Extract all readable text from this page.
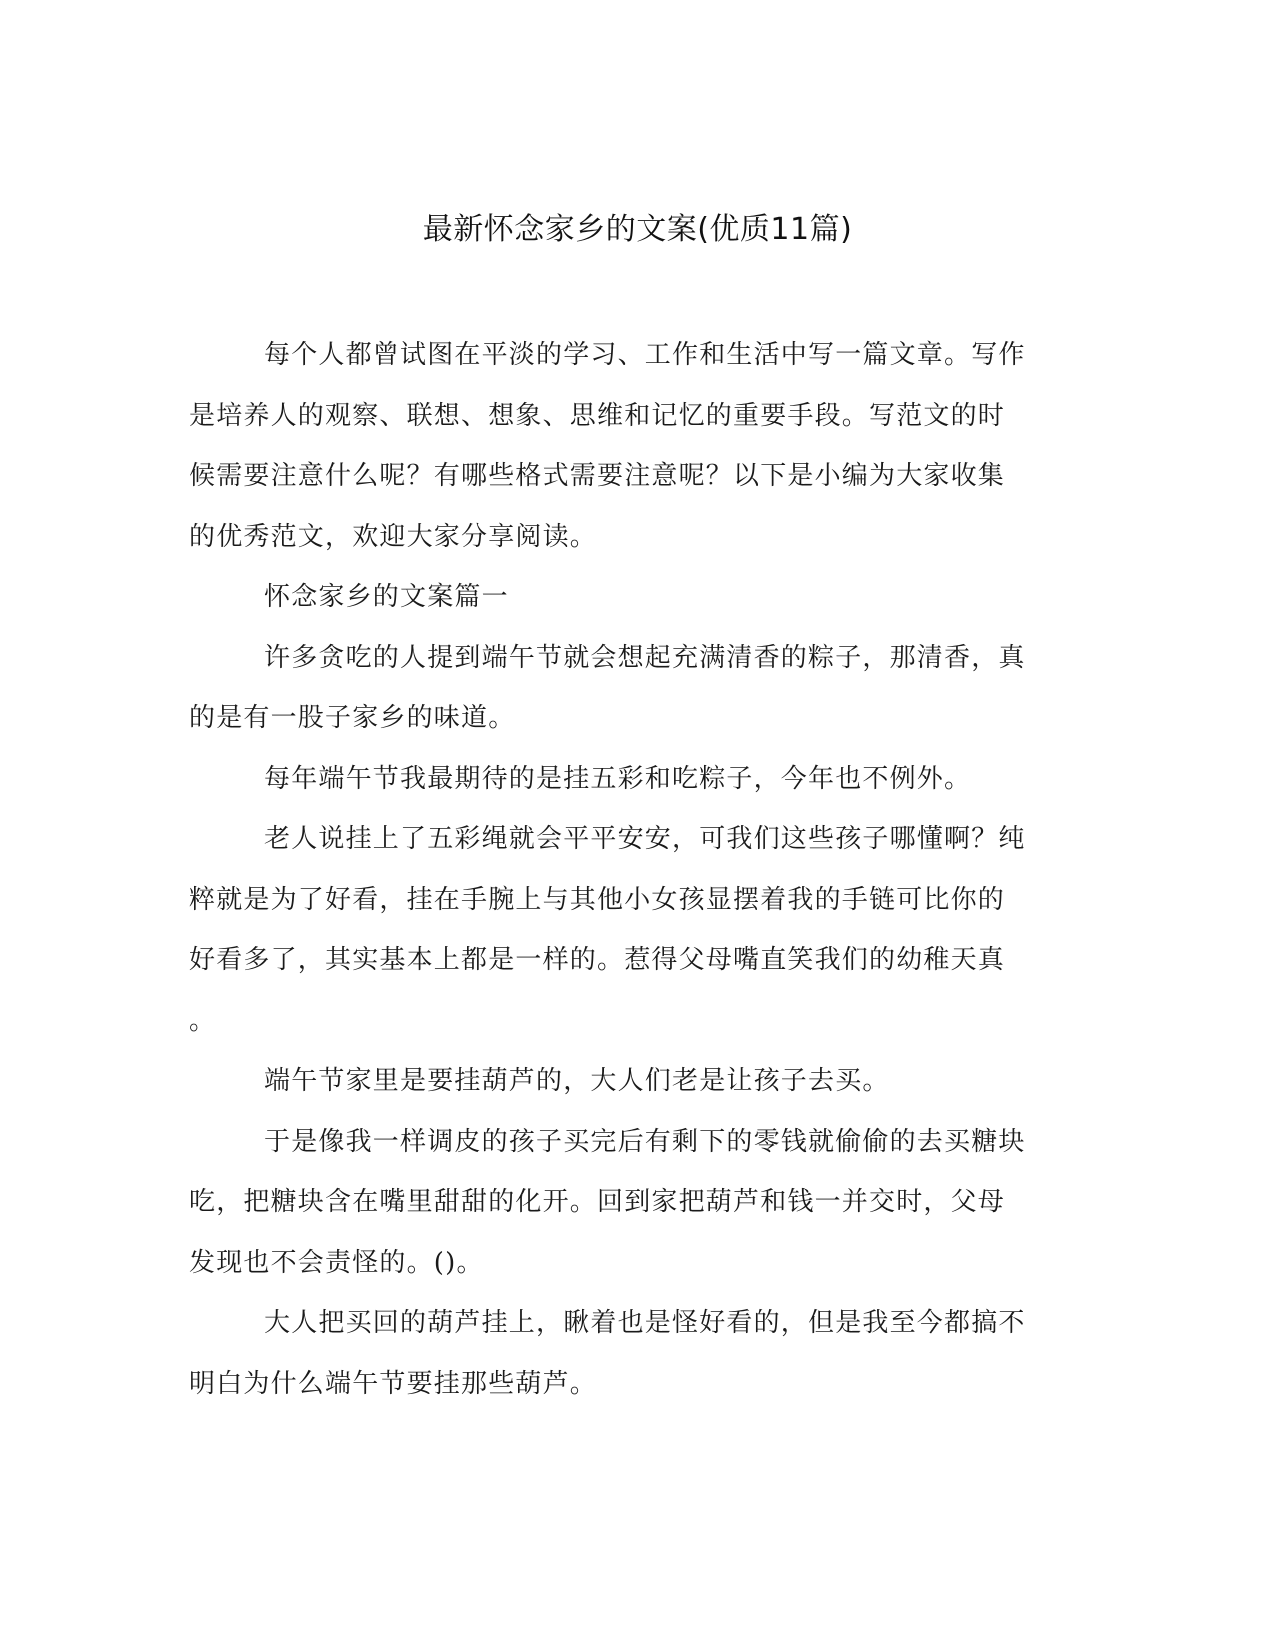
最新怀念家乡的文案(优质11篇)

每个人都曾试图在平淡的学习、工作和生活中写一篇文章。写作
是培养人的观察、联想、想象、思维和记忆的重要手段。写范文的时
候需要注意什么呢？有哪些格式需要注意呢？以下是小编为大家收集
的优秀范文，欢迎大家分享阅读。

怀念家乡的文案篇一

许多贪吃的人提到端午节就会想起充满清香的粽子，那清香，真
的是有一股子家乡的味道。

每年端午节我最期待的是挂五彩和吃粽子，今年也不例外。

老人说挂上了五彩绳就会平平安安，可我们这些孩子哪懂啊？纯
粹就是为了好看，挂在手腕上与其他小女孩显摆着我的手链可比你的
好看多了，其实基本上都是一样的。惹得父母嘴直笑我们的幼稚天真
。

端午节家里是要挂葫芦的，大人们老是让孩子去买。

于是像我一样调皮的孩子买完后有剩下的零钱就偷偷的去买糖块
吃，把糖块含在嘴里甜甜的化开。回到家把葫芦和钱一并交时，父母
发现也不会责怪的。()。

大人把买回的葫芦挂上，瞅着也是怪好看的，但是我至今都搞不
明白为什么端午节要挂那些葫芦。
